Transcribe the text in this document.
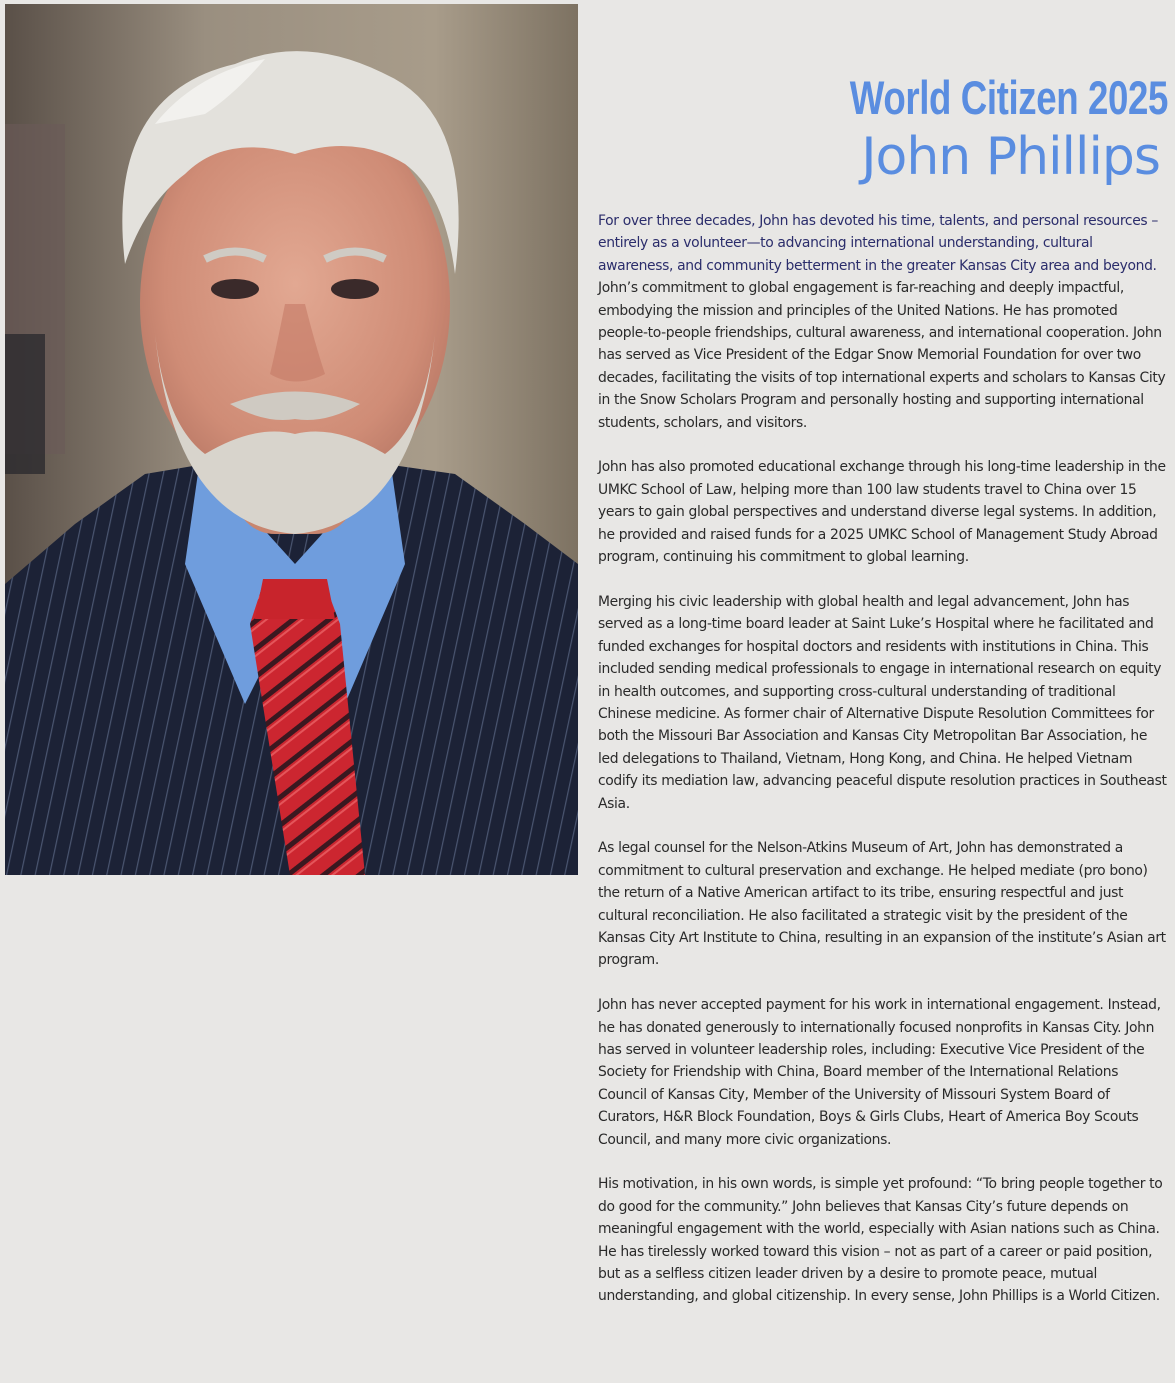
World Citizen 2025
John Phillips

For over three decades, John has devoted his time, talents, and personal resources – entirely as a volunteer—to advancing international understanding, cultural awareness, and community betterment in the greater Kansas City area and beyond. John’s commitment to global engagement is far-reaching and deeply impactful, embodying the mission and principles of the United Nations. He has promoted people-to-people friendships, cultural awareness, and international cooperation. John has served as Vice President of the Edgar Snow Memorial Foundation for over two decades, facilitating the visits of top international experts and scholars to Kansas City in the Snow Scholars Program and personally hosting and supporting international students, scholars, and visitors.

John has also promoted educational exchange through his long-time leadership in the UMKC School of Law, helping more than 100 law students travel to China over 15 years to gain global perspectives and understand diverse legal systems. In addition, he provided and raised funds for a 2025 UMKC School of Management Study Abroad program, continuing his commitment to global learning.

Merging his civic leadership with global health and legal advancement, John has served as a long-time board leader at Saint Luke’s Hospital where he facilitated and funded exchanges for hospital doctors and residents with institutions in China. This included sending medical professionals to engage in international research on equity in health outcomes, and supporting cross-cultural understanding of traditional Chinese medicine. As former chair of Alternative Dispute Resolution Committees for both the Missouri Bar Association and Kansas City Metropolitan Bar Association, he led delegations to Thailand, Vietnam, Hong Kong, and China. He helped Vietnam codify its mediation law, advancing peaceful dispute resolution practices in Southeast Asia.

As legal counsel for the Nelson-Atkins Museum of Art, John has demonstrated a commitment to cultural preservation and exchange. He helped mediate (pro bono) the return of a Native American artifact to its tribe, ensuring respectful and just cultural reconciliation. He also facilitated a strategic visit by the president of the Kansas City Art Institute to China, resulting in an expansion of the institute’s Asian art program.

John has never accepted payment for his work in international engagement. Instead, he has donated generously to internationally focused nonprofits in Kansas City. John has served in volunteer leadership roles, including: Executive Vice President of the Society for Friendship with China, Board member of the International Relations Council of Kansas City, Member of the University of Missouri System Board of Curators, H&R Block Foundation, Boys & Girls Clubs, Heart of America Boy Scouts Council, and many more civic organizations.

His motivation, in his own words, is simple yet profound: “To bring people together to do good for the community.” John believes that Kansas City’s future depends on meaningful engagement with the world, especially with Asian nations such as China. He has tirelessly worked toward this vision – not as part of a career or paid position, but as a selfless citizen leader driven by a desire to promote peace, mutual understanding, and global citizenship. In every sense, John Phillips is a World Citizen.
